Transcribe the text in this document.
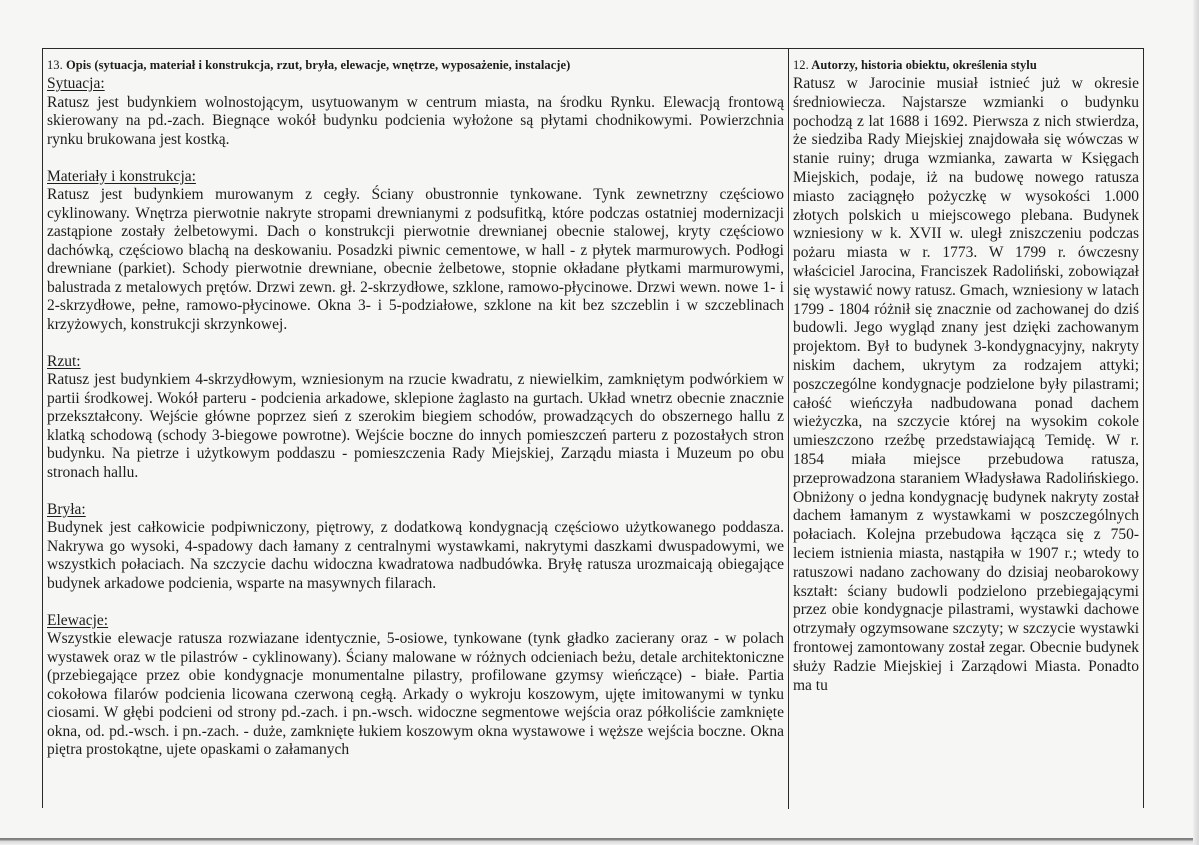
13. Opis (sytuacja, materiał i konstrukcja, rzut, bryła, elewacje, wnętrze, wyposażenie, instalacje)
Sytuacja:
Ratusz jest budynkiem wolnostojącym, usytuowanym w centrum miasta, na środku Rynku. Elewacją frontową skierowany na pd.-zach. Biegnące wokół budynku podcienia wyłożone są płytami chodnikowymi. Powierzchnia rynku brukowana jest kostką.
Materiały i konstrukcja:
Ratusz jest budynkiem murowanym z cegły. Ściany obustronnie tynkowane. Tynk zewnetrzny częściowo cyklinowany. Wnętrza pierwotnie nakryte stropami drewnianymi z podsufitką, które podczas ostatniej modernizacji zastąpione zostały żelbetowymi. Dach o konstrukcji pierwotnie drewnianej obecnie stalowej, kryty częściowo dachówką, częściowo blachą na deskowaniu. Posadzki piwnic cementowe, w hall - z płytek marmurowych. Podłogi drewniane (parkiet). Schody pierwotnie drewniane, obecnie żelbetowe, stopnie okładane płytkami marmurowymi, balustrada z metalowych prętów. Drzwi zewn. gł. 2-skrzydłowe, szklone, ramowo-płycinowe. Drzwi wewn. nowe 1- i 2-skrzydłowe, pełne, ramowo-płycinowe. Okna 3- i 5-podziałowe, szklone na kit bez szczeblin i w szczeblinach krzyżowych, konstrukcji skrzynkowej.
Rzut:
Ratusz jest budynkiem 4-skrzydłowym, wzniesionym na rzucie kwadratu, z niewielkim, zamkniętym podwórkiem w partii środkowej. Wokół parteru - podcienia arkadowe, sklepione żaglasto na gurtach. Układ wnetrz obecnie znacznie przekształcony. Wejście główne poprzez sień z szerokim biegiem schodów, prowadzących do obszernego hallu z klatką schodową (schody 3-biegowe powrotne). Wejście boczne do innych pomieszczeń parteru z pozostałych stron budynku. Na pietrze i użytkowym poddaszu - pomieszczenia Rady Miejskiej, Zarządu miasta i Muzeum po obu stronach hallu.
Bryła:
Budynek jest całkowicie podpiwniczony, piętrowy, z dodatkową kondygnacją częściowo użytkowanego poddasza. Nakrywa go wysoki, 4-spadowy dach łamany z centralnymi wystawkami, nakrytymi daszkami dwuspadowymi, we wszystkich połaciach. Na szczycie dachu widoczna kwadratowa nadbudówka. Bryłę ratusza urozmaicają obiegające budynek arkadowe podcienia, wsparte na masywnych filarach.
Elewacje:
Wszystkie elewacje ratusza rozwiazane identycznie, 5-osiowe, tynkowane (tynk gładko zacierany oraz - w polach wystawek oraz w tle pilastrów - cyklinowany). Ściany malowane w różnych odcieniach beżu, detale architektoniczne (przebiegające przez obie kondygnacje monumentalne pilastry, profilowane gzymsy wieńczące) - białe. Partia cokołowa filarów podcienia licowana czerwoną cegłą. Arkady o wykroju koszowym, ujęte imitowanymi w tynku ciosami. W głębi podcieni od strony pd.-zach. i pn.-wsch. widoczne segmentowe wejścia oraz półkoliście zamknięte okna, od. pd.-wsch. i pn.-zach. - duże, zamknięte łukiem koszowym okna wystawowe i węższe wejścia boczne. Okna piętra prostokątne, ujete opaskami o załamanych
12. Autorzy, historia obiektu, określenia stylu
Ratusz w Jarocinie musiał istnieć już w okresie średniowiecza. Najstarsze wzmianki o budynku pochodzą z lat 1688 i 1692. Pierwsza z nich stwierdza, że siedziba Rady Miejskiej znajdowała się wówczas w stanie ruiny; druga wzmianka, zawarta w Księgach Miejskich, podaje, iż na budowę nowego ratusza miasto zaciągnęło pożyczkę w wysokości 1.000 złotych polskich u miejscowego plebana. Budynek wzniesiony w k. XVII w. uległ zniszczeniu podczas pożaru miasta w r. 1773. W 1799 r. ówczesny właściciel Jarocina, Franciszek Radoliński, zobowiązał się wystawić nowy ratusz. Gmach, wzniesiony w latach 1799 - 1804 różnił się znacznie od zachowanej do dziś budowli. Jego wygląd znany jest dzięki zachowanym projektom. Był to budynek 3-kondygnacyjny, nakryty niskim dachem, ukrytym za rodzajem attyki; poszczególne kondygnacje podzielone były pilastrami; całość wieńczyła nadbudowana ponad dachem wieżyczka, na szczycie której na wysokim cokole umieszczono rzeźbę przedstawiającą Temidę. W r. 1854 miała miejsce przebudowa ratusza, przeprowadzona staraniem Władysława Radolińskiego. Obniżony o jedna kondygnację budynek nakryty został dachem łamanym z wystawkami w poszczególnych połaciach. Kolejna przebudowa łącząca się z 750-leciem istnienia miasta, nastąpiła w 1907 r.; wtedy to ratuszowi nadano zachowany do dzisiaj neobarokowy kształt: ściany budowli podzielono przebiegającymi przez obie kondygnacje pilastrami, wystawki dachowe otrzymały ogzymsowane szczyty; w szczycie wystawki frontowej zamontowany został zegar. Obecnie budynek służy Radzie Miejskiej i Zarządowi Miasta. Ponadto ma tu
